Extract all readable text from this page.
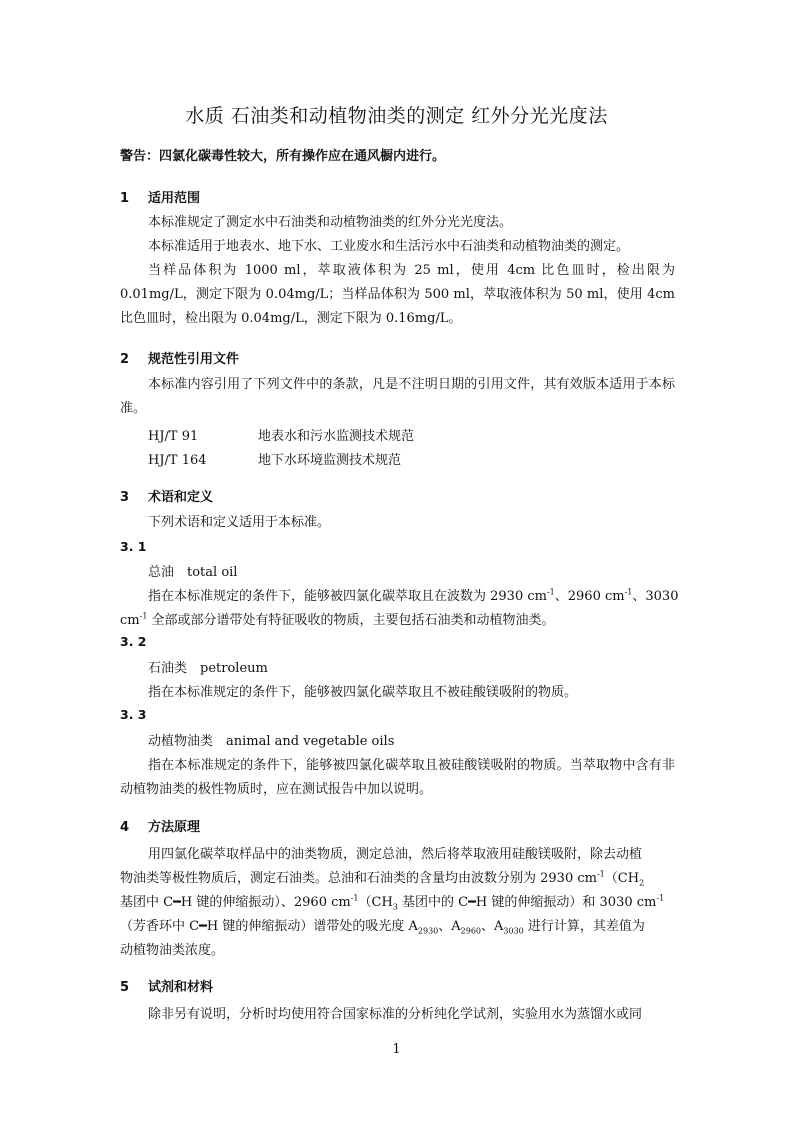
水质 石油类和动植物油类的测定 红外分光光度法
警告：四氯化碳毒性较大，所有操作应在通风橱内进行。
1 适用范围
本标准规定了测定水中石油类和动植物油类的红外分光光度法。
本标准适用于地表水、地下水、工业废水和生活污水中石油类和动植物油类的测定。
当样品体积为 1000 ml，萃取液体积为 25 ml，使用 4cm 比色皿时，检出限为 0.01mg/L，测定下限为 0.04mg/L；当样品体积为 500 ml，萃取液体积为 50 ml，使用 4cm 比色皿时，检出限为 0.04mg/L，测定下限为 0.16mg/L。
2 规范性引用文件
本标准内容引用了下列文件中的条款，凡是不注明日期的引用文件，其有效版本适用于本标准。
HJ/T 91	地表水和污水监测技术规范
HJ/T 164	地下水环境监测技术规范
3 术语和定义
下列术语和定义适用于本标准。
3. 1
总油　total oil
指在本标准规定的条件下，能够被四氯化碳萃取且在波数为 2930 $cm^{-1}$、2960 $cm^{-1}$、3030
$cm^{-1}$ 全部或部分谱带处有特征吸收的物质，主要包括石油类和动植物油类。
3. 2
石油类　petroleum
指在本标准规定的条件下，能够被四氯化碳萃取且不被硅酸镁吸附的物质。
3. 3
动植物油类　animal and vegetable oils
指在本标准规定的条件下，能够被四氯化碳萃取且被硅酸镁吸附的物质。当萃取物中含有非动植物油类的极性物质时，应在测试报告中加以说明。
4 方法原理
用四氯化碳萃取样品中的油类物质，测定总油，然后将萃取液用硅酸镁吸附，除去动植
物油类等极性物质后，测定石油类。总油和石油类的含量均由波数分别为 2930 $cm^{-1}(CH_2$
基团中 C━H 键的伸缩振动）、2960 $cm^{-1}(CH_3$ 基团中的 C━H 键的伸缩振动）和 3030 $cm^{-1}$
（芳香环中 C━H 键的伸缩振动）谱带处的吸光度 $A_{2930}$、$A_{2960}$、$A_{3030}$ 进行计算，其差值为
动植物油类浓度。
5 试剂和材料
除非另有说明，分析时均使用符合国家标准的分析纯化学试剂，实验用水为蒸馏水或同
1
